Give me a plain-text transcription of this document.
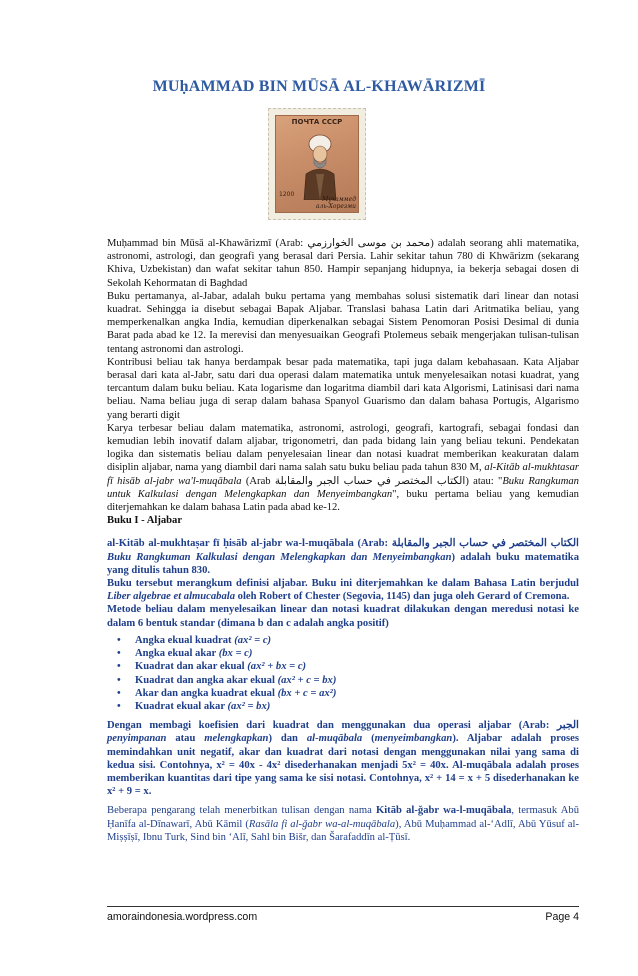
MUḥAMMAD BIN MŪSĀ AL-KHAWĀRIZMĪ
ПОЧТА СССР
1200
Мухаммед
аль-Хорезми

Muḥammad bin Mūsā al-Khawārizmī (Arab: محمد بن موسى الخوارزمي) adalah seorang ahli matematika, astronomi, astrologi, dan geografi yang berasal dari Persia. Lahir sekitar tahun 780 di Khwārizm (sekarang Khiva, Uzbekistan) dan wafat sekitar tahun 850. Hampir sepanjang hidupnya, ia bekerja sebagai dosen di Sekolah Kehormatan di Baghdad

Buku pertamanya, al-Jabar, adalah buku pertama yang membahas solusi sistematik dari linear dan notasi kuadrat. Sehingga ia disebut sebagai Bapak Aljabar. Translasi bahasa Latin dari Aritmatika beliau, yang memperkenalkan angka India, kemudian diperkenalkan sebagai Sistem Penomoran Posisi Desimal di dunia Barat pada abad ke 12. Ia merevisi dan menyesuaikan Geografi Ptolemeus sebaik mengerjakan tulisan-tulisan tentang astronomi dan astrologi.

Kontribusi beliau tak hanya berdampak besar pada matematika, tapi juga dalam kebahasaan. Kata Aljabar berasal dari kata al-Jabr, satu dari dua operasi dalam matematika untuk menyelesaikan notasi kuadrat, yang tercantum dalam buku beliau. Kata logarisme dan logaritma diambil dari kata Algorismi, Latinisasi dari nama beliau. Nama beliau juga di serap dalam bahasa Spanyol Guarismo dan dalam bahasa Portugis, Algarismo yang berarti digit

Karya terbesar beliau dalam matematika, astronomi, astrologi, geografi, kartografi, sebagai fondasi dan kemudian lebih inovatif dalam aljabar, trigonometri, dan pada bidang lain yang beliau tekuni. Pendekatan logika dan sistematis beliau dalam penyelesaian linear dan notasi kuadrat memberikan keakuratan dalam disiplin aljabar, nama yang diambil dari nama salah satu buku beliau pada tahun 830 M, al-Kitāb al-mukhtasar fī hisāb al-jabr wa'l-muqābala (Arab الكتاب المختصر في حساب الجبر والمقابلة) atau: "Buku Rangkuman untuk Kalkulasi dengan Melengkapkan dan Menyeimbangkan", buku pertama beliau yang kemudian diterjemahkan ke dalam bahasa Latin pada abad ke-12.

Buku I - Aljabar

al-Kitāb al-mukhtaṣar fī ḥisāb al-jabr wa-l-muqābala (Arab: الكتاب المختصر في حساب الجبر والمقابلة Buku Rangkuman Kalkulasi dengan Melengkapkan dan Menyeimbangkan) adalah buku matematika yang ditulis tahun 830.

Buku tersebut merangkum definisi aljabar. Buku ini diterjemahkan ke dalam Bahasa Latin berjudul Liber algebrae et almucabala oleh Robert of Chester (Segovia, 1145) dan juga oleh Gerard of Cremona.

Metode beliau dalam menyelesaikan linear dan notasi kuadrat dilakukan dengan meredusi notasi ke dalam 6 bentuk standar (dimana b dan c adalah angka positif)

• Angka ekual kuadrat (ax² = c)
• Angka ekual akar (bx = c)
• Kuadrat dan akar ekual (ax² + bx = c)
• Kuadrat dan angka akar ekual (ax² + c = bx)
• Akar dan angka kuadrat ekual (bx + c = ax²)
• Kuadrat ekual akar (ax² = bx)

Dengan membagi koefisien dari kuadrat dan menggunakan dua operasi aljabar (Arab: الجبر penyimpanan atau melengkapkan) dan al-muqābala (menyeimbangkan). Aljabar adalah proses memindahkan unit negatif, akar dan kuadrat dari notasi dengan menggunakan nilai yang sama di kedua sisi. Contohnya, x² = 40x - 4x² disederhanakan menjadi 5x² = 40x. Al-muqābala adalah proses memberikan kuantitas dari tipe yang sama ke sisi notasi. Contohnya, x² + 14 = x + 5 disederhanakan ke x² + 9 = x.

Beberapa pengarang telah menerbitkan tulisan dengan nama Kitāb al-ǧabr wa-l-muqābala, termasuk Abū Ḥanīfa al-Dīnawarī, Abū Kāmil (Rasāla fi al-ǧabr wa-al-muqābala), Abū Muḥammad al-‘Adlī, Abū Yūsuf al-Miṣṣīṣī, Ibnu Turk, Sind bin ‘Alī, Sahl bin Bišr, dan Šarafaddīn al-Ṭūsī.

amoraindonesia.wordpress.com	Page 4
